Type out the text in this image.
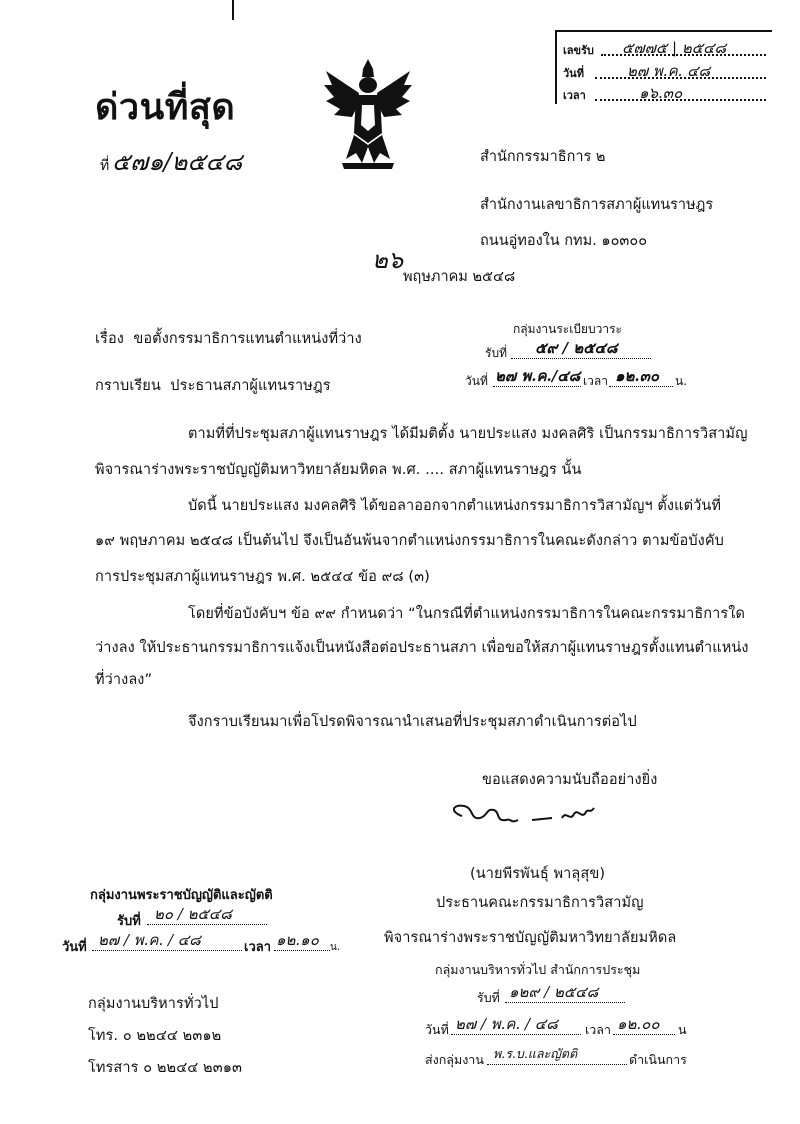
เลขรับ ๕๗๗๕ | ๒๕๔๘
วันที่	๒๗ พ.ค. ๔๘
เวลา	๑๖.๓๐
ด่วนที่สุด
ที่ ๕๗๑/๒๕๔๘	สำนักกรรมาธิการ ๒
สำนักงานเลขาธิการสภาผู้แทนราษฎร
ถนนอู่ทองใน กทม. ๑๐๓๐๐
๒๖
พฤษภาคม ๒๕๔๘
เรื่อง ขอตั้งกรรมาธิการแทนตำแหน่งที่ว่าง
กราบเรียน ประธานสภาผู้แทนราษฎร
กลุ่มงานระเบียบวาระ
รับที่ ๕๙ / ๒๕๔๘
วันที่ ๒๗ พ.ค./๔๘ เวลา ๑๒.๓๐ น.
ตามที่ที่ประชุมสภาผู้แทนราษฎร ได้มีมติตั้ง นายประแสง มงคลศิริ เป็นกรรมาธิการวิสามัญ
พิจารณาร่างพระราชบัญญัติมหาวิทยาลัยมหิดล พ.ศ. .... สภาผู้แทนราษฎร นั้น
บัดนี้ นายประแสง มงคลศิริ ได้ขอลาออกจากตำแหน่งกรรมาธิการวิสามัญฯ ตั้งแต่วันที่
๑๙ พฤษภาคม ๒๕๔๘ เป็นต้นไป จึงเป็นอันพ้นจากตำแหน่งกรรมาธิการในคณะดังกล่าว ตามข้อบังคับ
การประชุมสภาผู้แทนราษฎร พ.ศ. ๒๕๔๔ ข้อ ๙๘ (๓)
โดยที่ข้อบังคับฯ ข้อ ๙๙ กำหนดว่า “ในกรณีที่ตำแหน่งกรรมาธิการในคณะกรรมาธิการใด
ว่างลง ให้ประธานกรรมาธิการแจ้งเป็นหนังสือต่อประธานสภา เพื่อขอให้สภาผู้แทนราษฎรตั้งแทนตำแหน่ง
ที่ว่างลง”
จึงกราบเรียนมาเพื่อโปรดพิจารณานำเสนอที่ประชุมสภาดำเนินการต่อไป
ขอแสดงความนับถืออย่างยิ่ง
(นายพีรพันธุ์ พาลุสุข)
ประธานคณะกรรมาธิการวิสามัญ
พิจารณาร่างพระราชบัญญัติมหาวิทยาลัยมหิดล
กลุ่มงานพระราชบัญญัติและญัตติ
รับที่ ๒๐ / ๒๕๔๘
วันที่ ๒๗ / พ.ค. / ๔๘	เวลา ๑๒.๑๐ น.
กลุ่มงานบริหารทั่วไป สำนักการประชุม
รับที่ ๑๒๙ / ๒๕๔๘
วันที่ ๒๗ / พ.ค. / ๔๘ เวลา ๑๒.๐๐ น
ส่งกลุ่มงาน พ.ร.บ.และญัตติ	ดำเนินการ
กลุ่มงานบริหารทั่วไป
โทร. ๐ ๒๒๔๔ ๒๓๑๒
โทรสาร ๐ ๒๒๔๔ ๒๓๑๓
